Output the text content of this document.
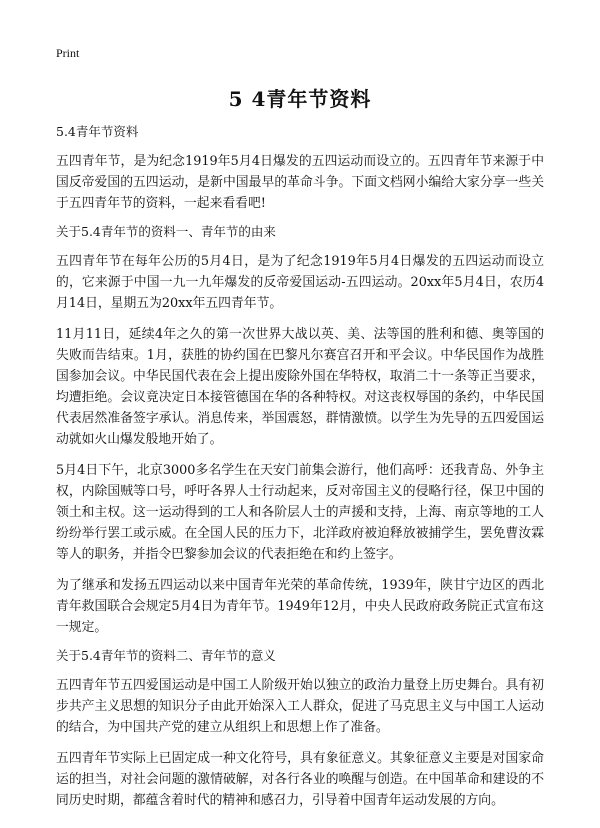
Print
5 4青年节资料
5.4青年节资料
五四青年节，是为纪念1919年5月4日爆发的五四运动而设立的。五四青年节来源于中国反帝爱国的五四运动，是新中国最早的革命斗争。下面文档网小编给大家分享一些关于五四青年节的资料，一起来看看吧!
关于5.4青年节的资料一、青年节的由来
五四青年节在每年公历的5月4日，是为了纪念1919年5月4日爆发的五四运动而设立的，它来源于中国一九一九年爆发的反帝爱国运动-五四运动。20xx年5月4日，农历4月14日，星期五为20xx年五四青年节。
11月11日，延续4年之久的第一次世界大战以英、美、法等国的胜利和德、奥等国的失败而告结束。1月，获胜的协约国在巴黎凡尔赛宫召开和平会议。中华民国作为战胜国参加会议。中华民国代表在会上提出废除外国在华特权，取消二十一条等正当要求，均遭拒绝。会议竟决定日本接管德国在华的各种特权。对这丧权辱国的条约，中华民国代表居然准备签字承认。消息传来，举国震怒，群情激愤。以学生为先导的五四爱国运动就如火山爆发般地开始了。
5月4日下午，北京3000多名学生在天安门前集会游行，他们高呼：还我青岛、外争主权，内除国贼等口号，呼吁各界人士行动起来，反对帝国主义的侵略行径，保卫中国的领土和主权。这一运动得到的工人和各阶层人士的声援和支持，上海、南京等地的工人纷纷举行罢工或示威。在全国人民的压力下，北洋政府被迫释放被捕学生，罢免曹汝霖等人的职务，并指令巴黎参加会议的代表拒绝在和约上签字。
为了继承和发扬五四运动以来中国青年光荣的革命传统，1939年，陕甘宁边区的西北青年救国联合会规定5月4日为青年节。1949年12月，中央人民政府政务院正式宣布这一规定。
关于5.4青年节的资料二、青年节的意义
五四青年节五四爱国运动是中国工人阶级开始以独立的政治力量登上历史舞台。具有初步共产主义思想的知识分子由此开始深入工人群众，促进了马克思主义与中国工人运动的结合，为中国共产党的建立从组织上和思想上作了准备。
五四青年节实际上已固定成一种文化符号，具有象征意义。其象征意义主要是对国家命运的担当，对社会问题的激情破解，对各行各业的唤醒与创造。在中国革命和建设的不同历史时期，都蕴含着时代的精神和感召力，引导着中国青年运动发展的方向。
